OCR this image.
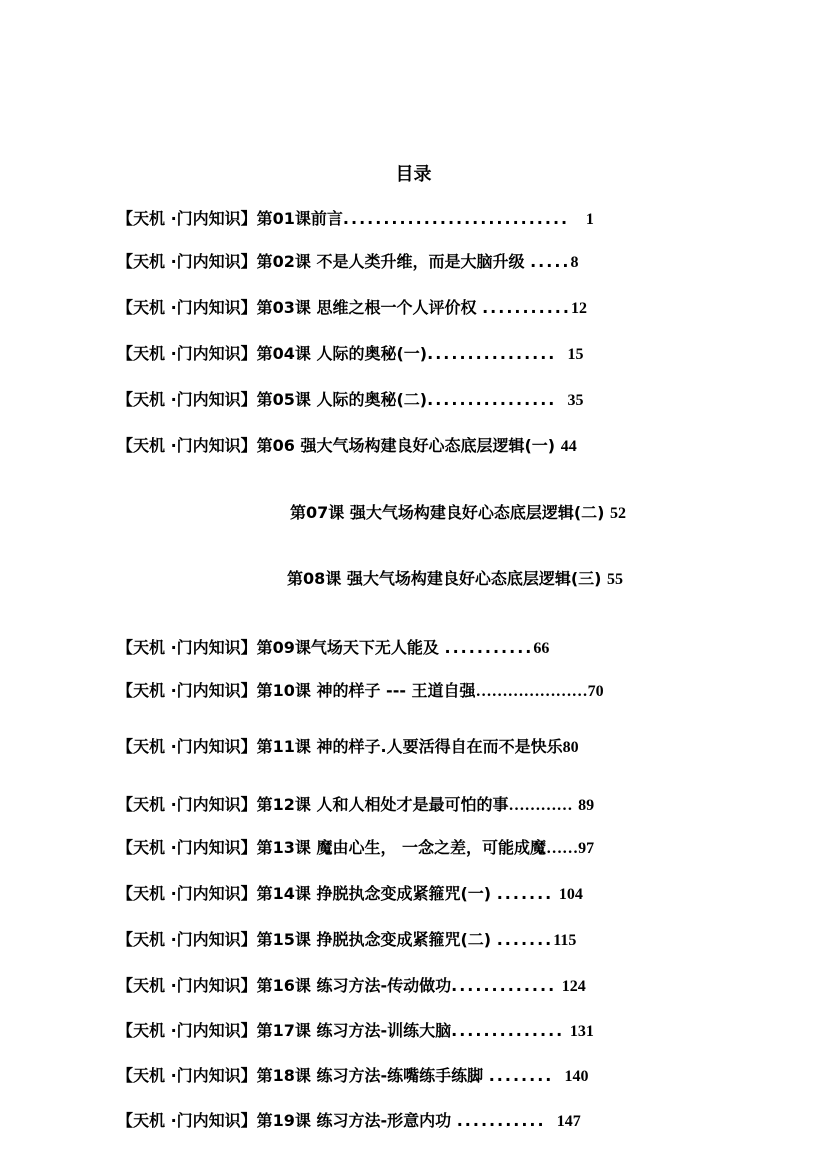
目录
【天机 ·门内知识】第01课前言............................ 1
【天机 ·门内知识】第02课 不是人类升维，而是大脑升级 .....8
【天机 ·门内知识】第03课 思维之根一个人评价权 ...........12
【天机 ·门内知识】第04课 人际的奥秘(一)................ 15
【天机 ·门内知识】第05课 人际的奥秘(二)................ 35
【天机 ·门内知识】第06 强大气场构建良好心态底层逻辑(一) 44
第07课 强大气场构建良好心态底层逻辑(二) 52
第08课 强大气场构建良好心态底层逻辑(三) 55
【天机 ·门内知识】第09课气场天下无人能及 ...........66
【天机 ·门内知识】第10课 神的样子 --- 王道自强…………………70
【天机 ·门内知识】第11课 神的样子.人要活得自在而不是快乐80
【天机 ·门内知识】第12课 人和人相处才是最可怕的事………… 89
【天机 ·门内知识】第13课 魔由心生， 一念之差，可能成魔……97
【天机 ·门内知识】第14课 挣脱执念变成紧箍咒(一) ....... 104
【天机 ·门内知识】第15课 挣脱执念变成紧箍咒(二) .......115
【天机 ·门内知识】第16课 练习方法-传动做功............. 124
【天机 ·门内知识】第17课 练习方法-训练大脑.............. 131
【天机 ·门内知识】第18课 练习方法-练嘴练手练脚 ........ 140
【天机 ·门内知识】第19课 练习方法-形意内功 ........... 147
